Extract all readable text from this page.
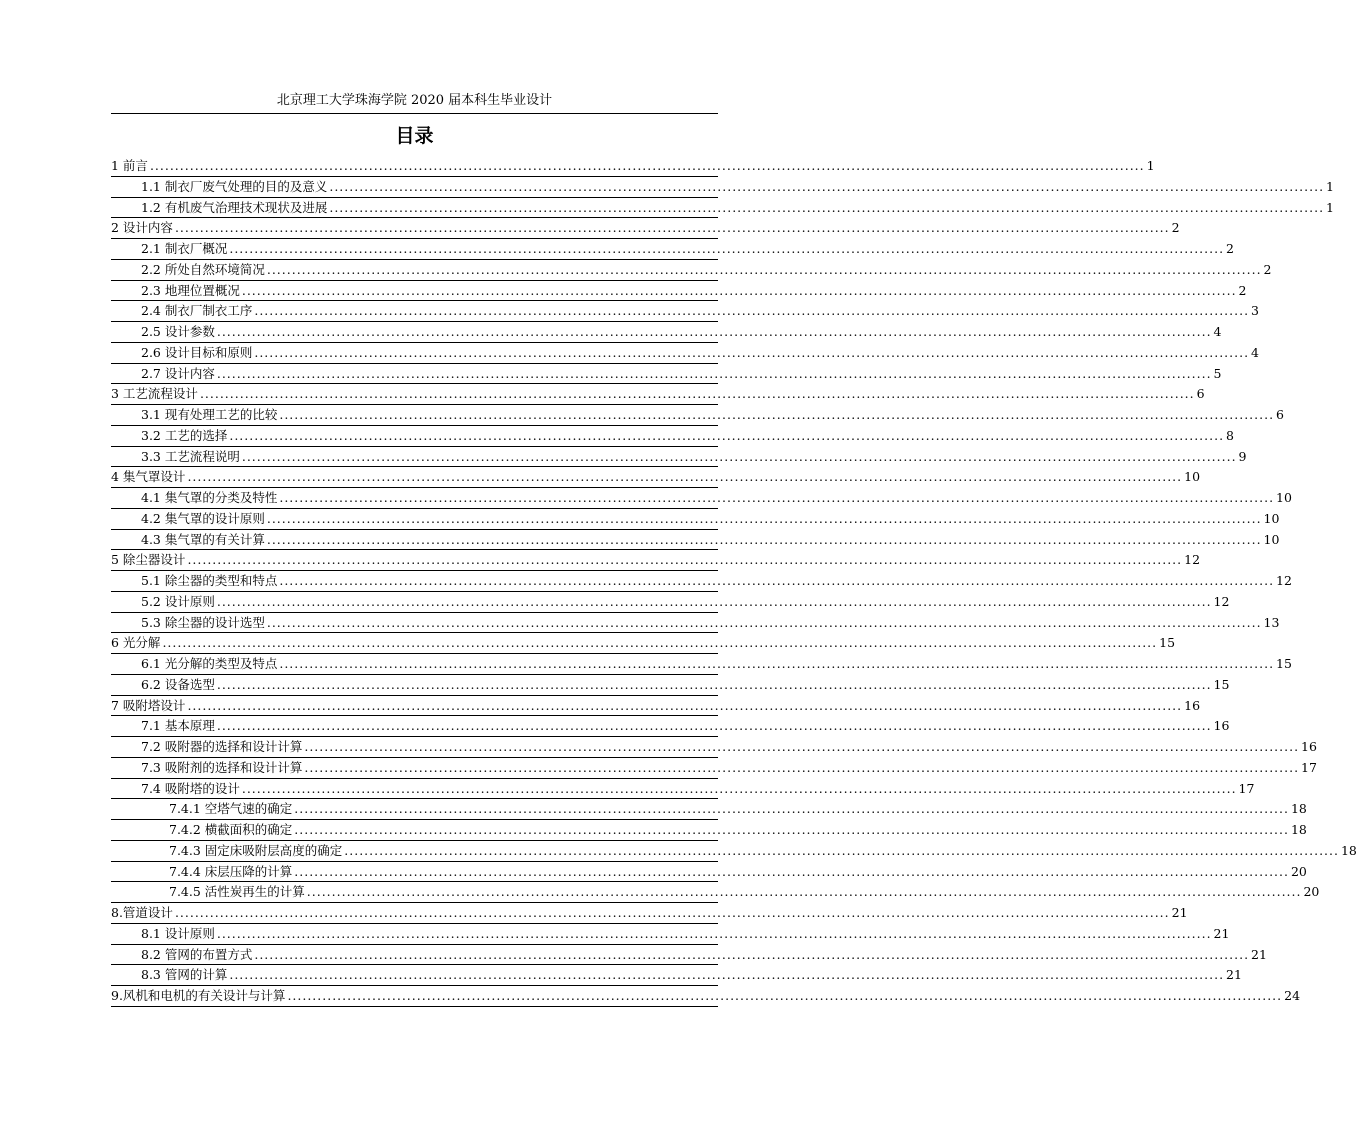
北京理工大学珠海学院 2020 届本科生毕业设计
目录
1 前言 ........................................................................................................................................................................................................ 1
1.1 制衣厂废气处理的目的及意义 ........................................................................................................................................................................................................ 1
1.2 有机废气治理技术现状及进展 ........................................................................................................................................................................................................ 1
2 设计内容 ........................................................................................................................................................................................................ 2
2.1 制衣厂概况 ........................................................................................................................................................................................................ 2
2.2 所处自然环境简况 ........................................................................................................................................................................................................ 2
2.3 地理位置概况 ........................................................................................................................................................................................................ 2
2.4 制衣厂制衣工序 ........................................................................................................................................................................................................ 3
2.5 设计参数 ........................................................................................................................................................................................................ 4
2.6 设计目标和原则 ........................................................................................................................................................................................................ 4
2.7 设计内容 ........................................................................................................................................................................................................ 5
3 工艺流程设计 ........................................................................................................................................................................................................ 6
3.1 现有处理工艺的比较 ........................................................................................................................................................................................................ 6
3.2 工艺的选择 ........................................................................................................................................................................................................ 8
3.3 工艺流程说明 ........................................................................................................................................................................................................ 9
4 集气罩设计 ........................................................................................................................................................................................................ 10
4.1 集气罩的分类及特性 ........................................................................................................................................................................................................ 10
4.2 集气罩的设计原则 ........................................................................................................................................................................................................ 10
4.3 集气罩的有关计算 ........................................................................................................................................................................................................ 10
5 除尘器设计 ........................................................................................................................................................................................................ 12
5.1 除尘器的类型和特点 ........................................................................................................................................................................................................ 12
5.2 设计原则 ........................................................................................................................................................................................................ 12
5.3 除尘器的设计选型 ........................................................................................................................................................................................................ 13
6 光分解 ........................................................................................................................................................................................................ 15
6.1 光分解的类型及特点 ........................................................................................................................................................................................................ 15
6.2 设备选型 ........................................................................................................................................................................................................ 15
7 吸附塔设计 ........................................................................................................................................................................................................ 16
7.1 基本原理 ........................................................................................................................................................................................................ 16
7.2 吸附器的选择和设计计算 ........................................................................................................................................................................................................ 16
7.3 吸附剂的选择和设计计算 ........................................................................................................................................................................................................ 17
7.4 吸附塔的设计 ........................................................................................................................................................................................................ 17
7.4.1 空塔气速的确定 ........................................................................................................................................................................................................ 18
7.4.2 横截面积的确定 ........................................................................................................................................................................................................ 18
7.4.3 固定床吸附层高度的确定 ........................................................................................................................................................................................................ 18
7.4.4 床层压降的计算 ........................................................................................................................................................................................................ 20
7.4.5 活性炭再生的计算 ........................................................................................................................................................................................................ 20
8.管道设计 ........................................................................................................................................................................................................ 21
8.1 设计原则 ........................................................................................................................................................................................................ 21
8.2 管网的布置方式 ........................................................................................................................................................................................................ 21
8.3 管网的计算 ........................................................................................................................................................................................................ 21
9.风机和电机的有关设计与计算 ........................................................................................................................................................................................................ 24
